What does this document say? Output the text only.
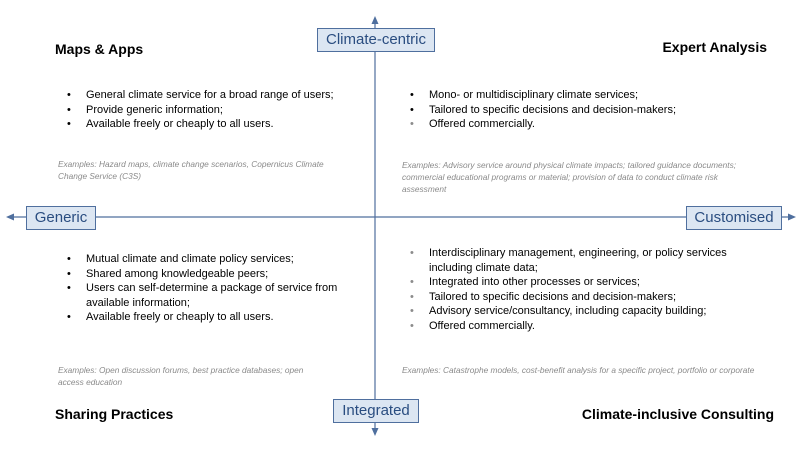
Climate-centric
Integrated
Generic	Customised
Maps & Apps	Expert Analysis
Sharing Practices	Climate-inclusive Consulting
• General climate service for a broad range of users;
• Provide generic information;
• Available freely or cheaply to all users.
• Mono- or multidisciplinary climate services;
• Tailored to specific decisions and decision-makers;
• Offered commercially.
• Mutual climate and climate policy services;
• Shared among knowledgeable peers;
• Users can self-determine a package of service from available information;
• Available freely or cheaply to all users.
• Interdisciplinary management, engineering, or policy services including climate data;
• Integrated into other processes or services;
• Tailored to specific decisions and decision-makers;
• Advisory service/consultancy, including capacity building;
• Offered commercially.
Examples: Hazard maps, climate change scenarios, Copernicus Climate Change Service (C3S)
Examples: Advisory service around physical climate impacts; tailored guidance documents; commercial educational programs or material; provision of data to conduct climate risk assessment
Examples: Open discussion forums, best practice databases; open access education
Examples: Catastrophe models, cost-benefit analysis for a specific project, portfolio or corporate
